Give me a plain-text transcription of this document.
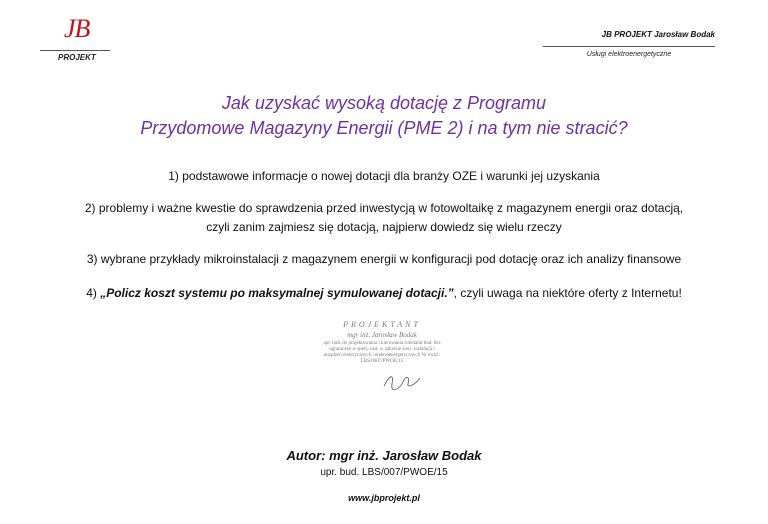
JB
PROJEKT
JB PROJEKT Jarosław Bodak
Usługi elektroenergetyczne
Jak uzyskać wysoką dotację z Programu
Przydomowe Magazyny Energii (PME 2) i na tym nie stracić?
1) podstawowe informacje o nowej dotacji dla branży OZE i warunki jej uzyskania
2) problemy i ważne kwestie do sprawdzenia przed inwestycją w fotowoltaikę z magazynem energii oraz dotacją,
czyli zanim zajmiesz się dotacją, najpierw dowiedz się wielu rzeczy
3) wybrane przykłady mikroinstalacji z magazynem energii w konfiguracji pod dotację oraz ich analizy finansowe
4) „Policz koszt systemu po maksymalnej symulowanej dotacji.”, czyli uwaga na niektóre oferty z Internetu!
PROJEKTANT
mgr inż. Jarosław Bodak
upr. bud. do projektowania i kierowania robotami bud. bez ograniczeń w specj. inst. w zakresie sieci, instalacji i urządzeń elektrycznych i elektroenergetycznych Nr ewid.: LBS/0007/PWOE/15
Autor: mgr inż. Jarosław Bodak
upr. bud. LBS/007/PWOE/15
www.jbprojekt.pl
